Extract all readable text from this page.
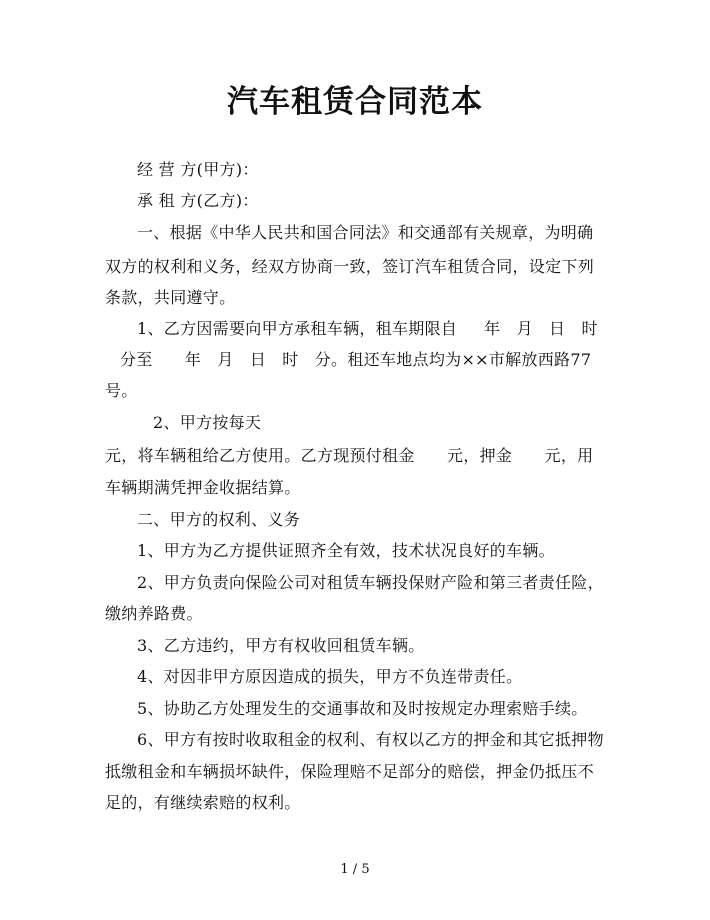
汽车租赁合同范本
经 营 方(甲方)：
承 租 方(乙方)：
一、根据《中华人民共和国合同法》和交通部有关规章，为明确
双方的权利和义务，经双方协商一致，签订汽车租赁合同，设定下列
条款，共同遵守。
1、乙方因需要向甲方承租车辆，租车期限自     年   月   日   时
分至      年   月   日   时   分。租还车地点均为××市解放西路77
号。
2、甲方按每天
元，将车辆租给乙方使用。乙方现预付租金      元，押金      元，用
车辆期满凭押金收据结算。
二、甲方的权利、义务
1、甲方为乙方提供证照齐全有效，技术状况良好的车辆。
2、甲方负责向保险公司对租赁车辆投保财产险和第三者责任险，
缴纳养路费。
3、乙方违约，甲方有权收回租赁车辆。
4、对因非甲方原因造成的损失，甲方不负连带责任。
5、协助乙方处理发生的交通事故和及时按规定办理索赔手续。
6、甲方有按时收取租金的权利、有权以乙方的押金和其它抵押物
抵缴租金和车辆损坏缺件，保险理赔不足部分的赔偿，押金仍抵压不
足的，有继续索赔的权利。
1 / 5
